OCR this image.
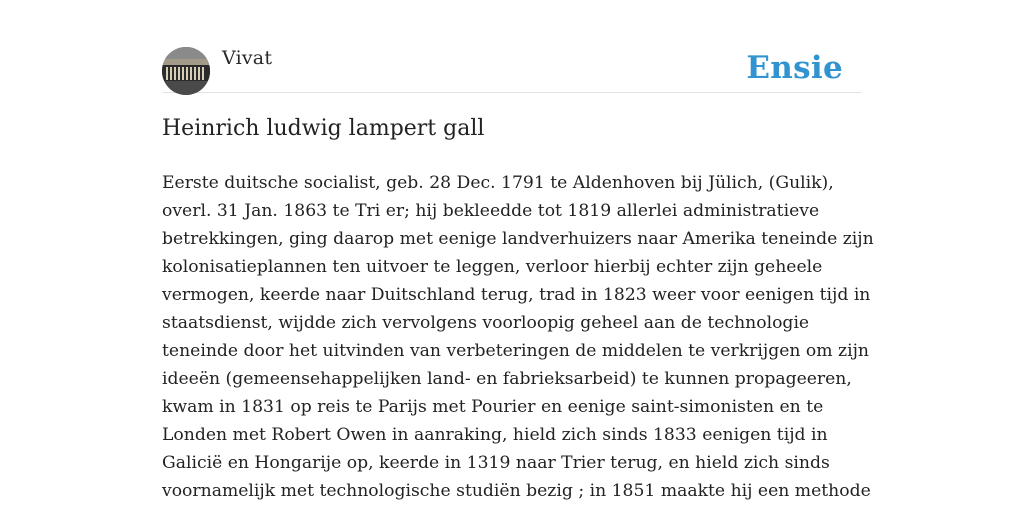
Vivat	Ensie
Heinrich ludwig lampert gall

Eerste duitsche socialist, geb. 28 Dec. 1791 te Aldenhoven bij Jülich, (Gulik),
overl. 31 Jan. 1863 te Tri er; hij bekleedde tot 1819 allerlei administratieve
betrekkingen, ging daarop met eenige landverhuizers naar Amerika teneinde zijn
kolonisatieplannen ten uitvoer te leggen, verloor hierbij echter zijn geheele
vermogen, keerde naar Duitschland terug, trad in 1823 weer voor eenigen tijd in
staatsdienst, wijdde zich vervolgens voorloopig geheel aan de technologie
teneinde door het uitvinden van verbeteringen de middelen te verkrijgen om zijn
ideeën (gemeensehappelijken land- en fabrieksarbeid) te kunnen propageeren,
kwam in 1831 op reis te Parijs met Pourier en eenige saint-simonisten en te
Londen met Robert Owen in aanraking, hield zich sinds 1833 eenigen tijd in
Galicië en Hongarije op, keerde in 1319 naar Trier terug, en hield zich sinds
voornamelijk met technologische studiën bezig ; in 1851 maakte hij een methode
